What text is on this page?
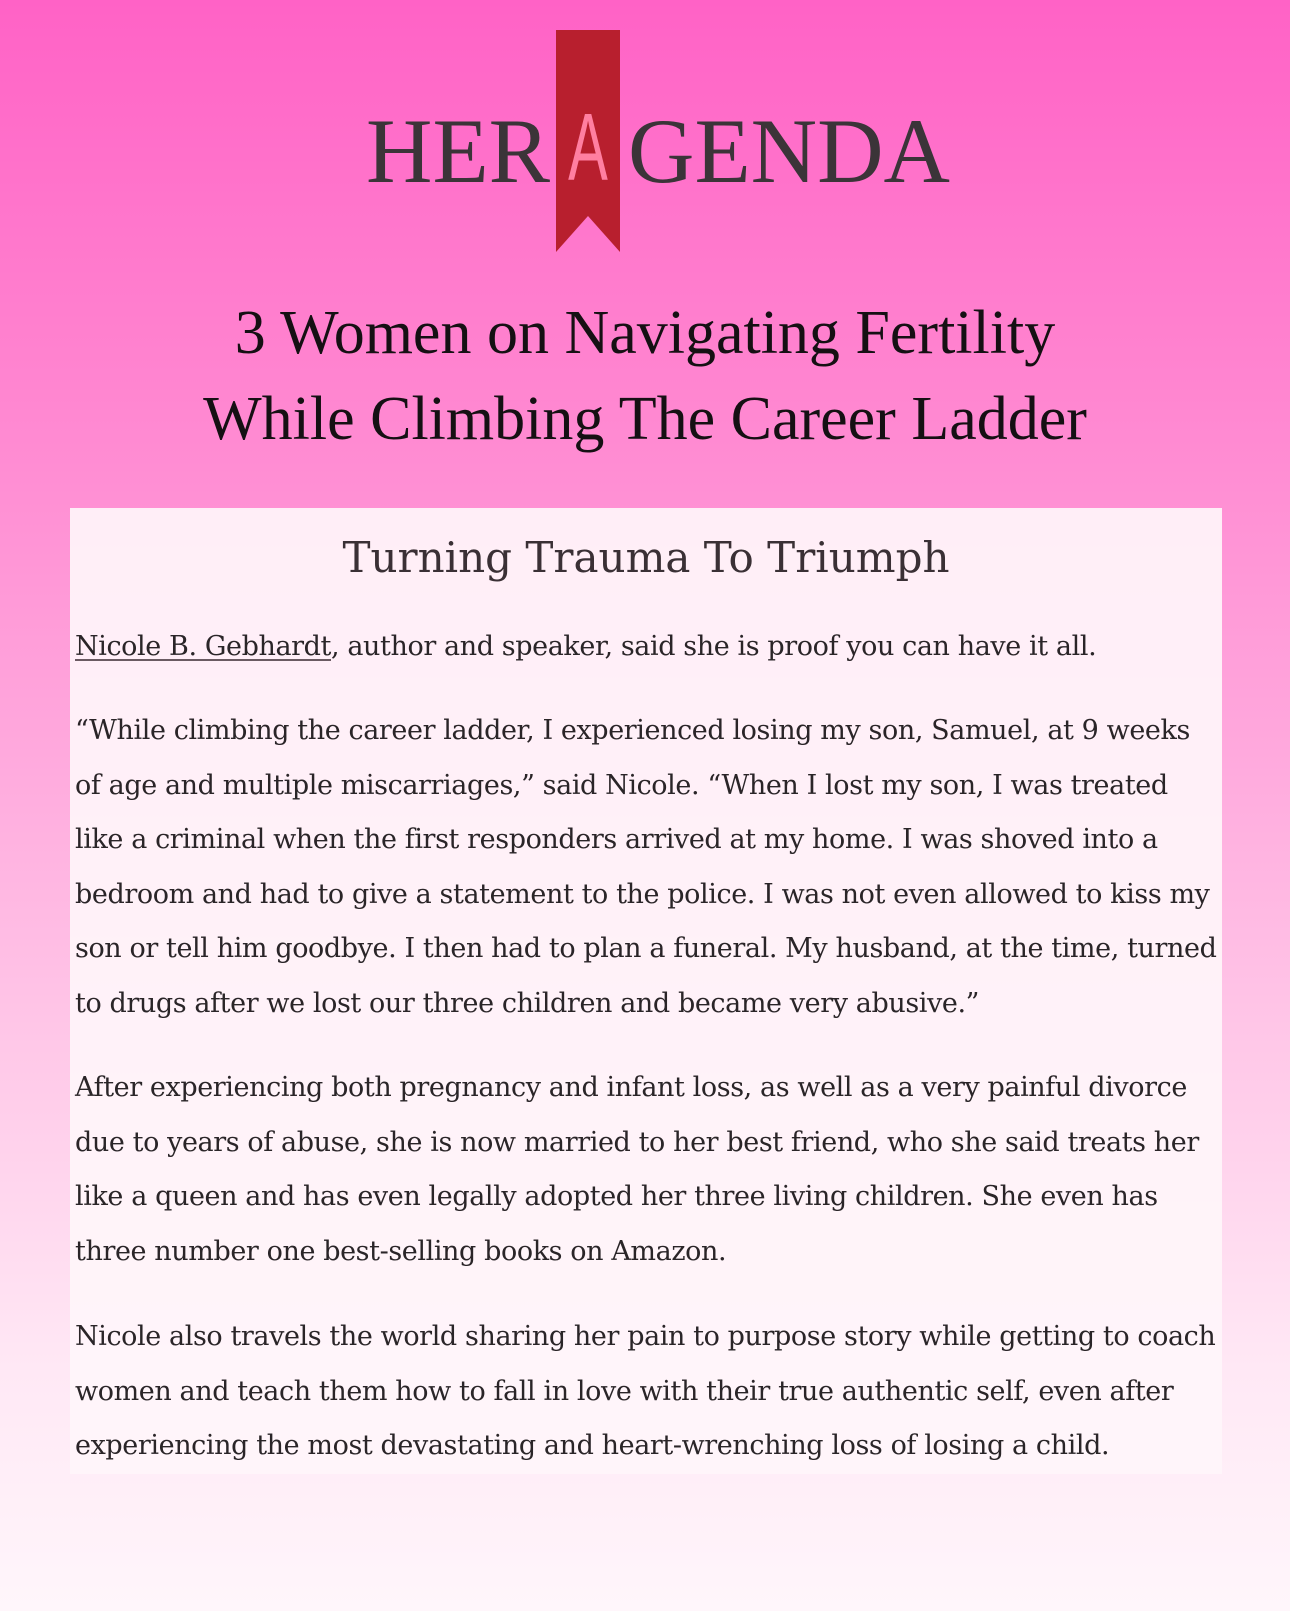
HER A GENDA
3 Women on Navigating Fertility
While Climbing The Career Ladder
Turning Trauma To Triumph

Nicole B. Gebhardt, author and speaker, said she is proof you can have it all.

“While climbing the career ladder, I experienced losing my son, Samuel, at 9 weeks of age and multiple miscarriages,” said Nicole. “When I lost my son, I was treated like a criminal when the first responders arrived at my home. I was shoved into a bedroom and had to give a statement to the police. I was not even allowed to kiss my son or tell him goodbye. I then had to plan a funeral. My husband, at the time, turned to drugs after we lost our three children and became very abusive.”

After experiencing both pregnancy and infant loss, as well as a very painful divorce due to years of abuse, she is now married to her best friend, who she said treats her like a queen and has even legally adopted her three living children. She even has three number one best-selling books on Amazon.

Nicole also travels the world sharing her pain to purpose story while getting to coach women and teach them how to fall in love with their true authentic self, even after experiencing the most devastating and heart-wrenching loss of losing a child.
